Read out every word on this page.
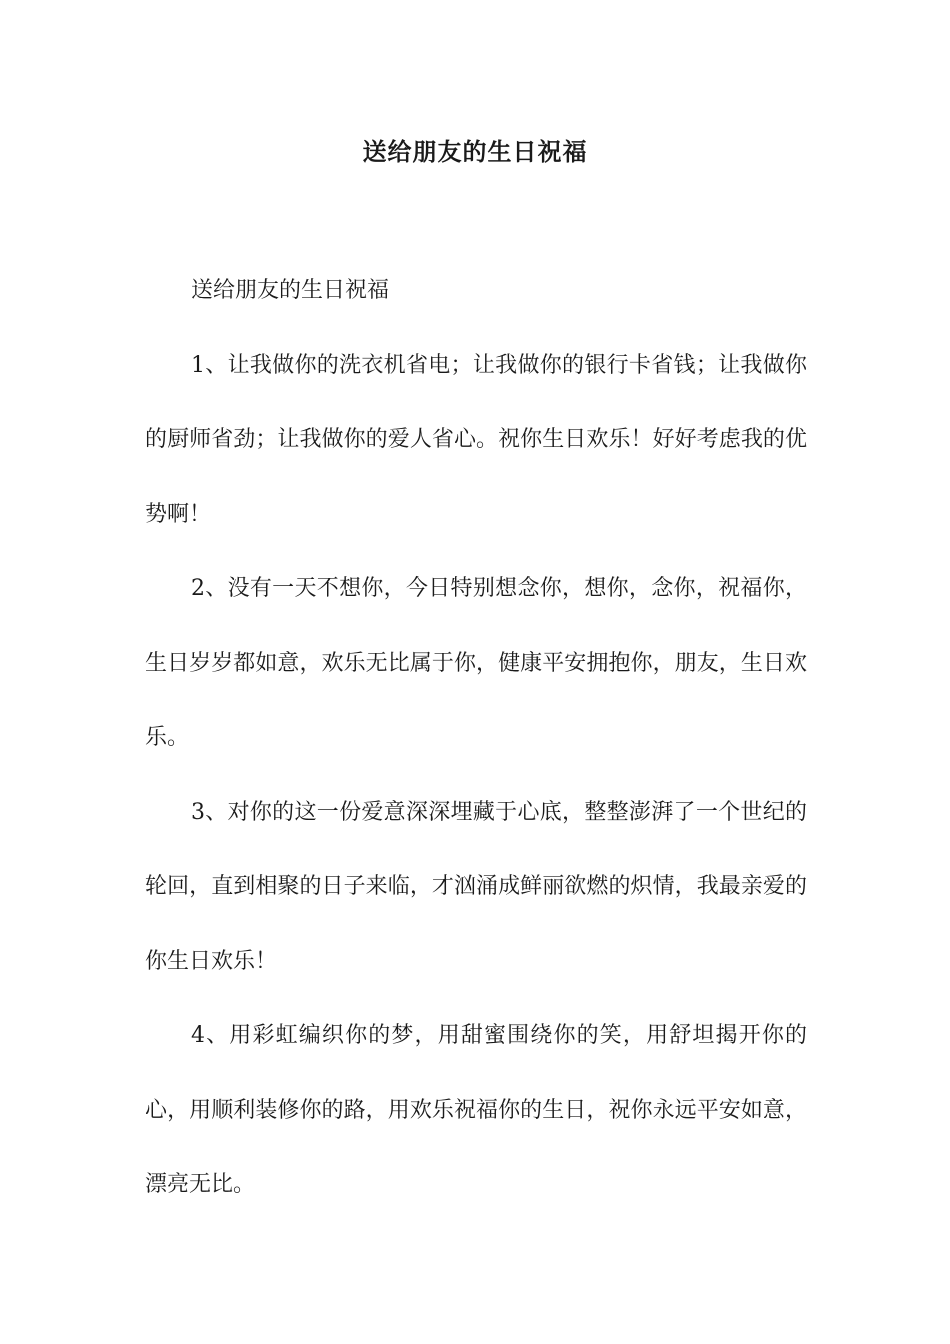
送给朋友的生日祝福

送给朋友的生日祝福

1、让我做你的洗衣机省电；让我做你的银行卡省钱；让我做你的厨师省劲；让我做你的爱人省心。祝你生日欢乐！好好考虑我的优势啊！

2、没有一天不想你，今日特别想念你，想你，念你，祝福你，生日岁岁都如意，欢乐无比属于你，健康平安拥抱你，朋友，生日欢乐。

3、对你的这一份爱意深深埋藏于心底，整整澎湃了一个世纪的轮回，直到相聚的日子来临，才汹涌成鲜丽欲燃的炽情，我最亲爱的你生日欢乐！

4、用彩虹编织你的梦，用甜蜜围绕你的笑，用舒坦揭开你的心，用顺利装修你的路，用欢乐祝福你的生日，祝你永远平安如意，漂亮无比。
